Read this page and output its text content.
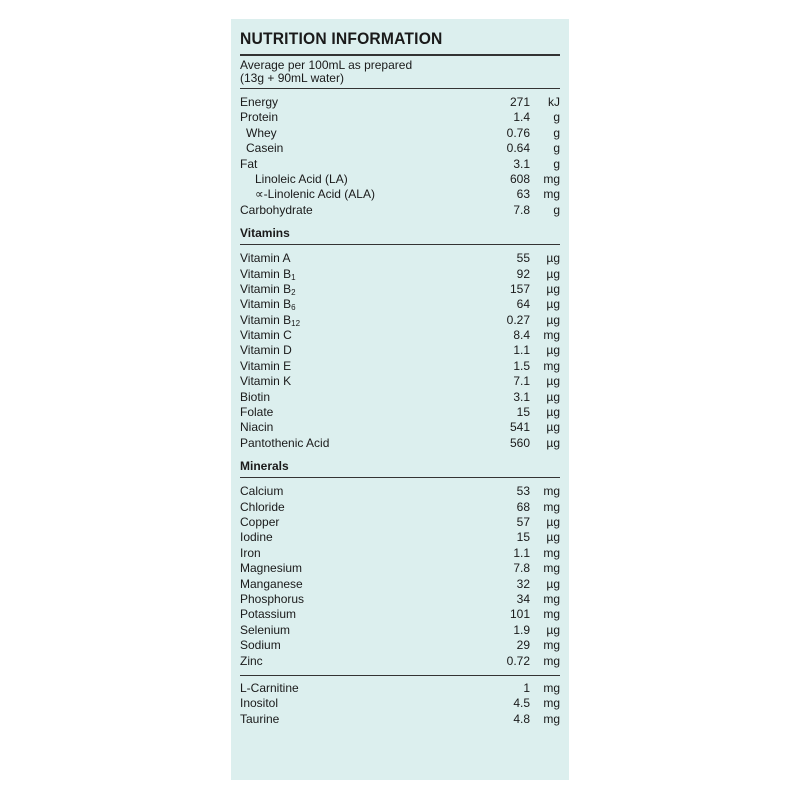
NUTRITION INFORMATION
Average per 100mL as prepared
(13g + 90mL water)
Energy	271	kJ
Protein	1.4	g
Whey	0.76	g
Casein	0.64	g
Fat	3.1	g
Linoleic Acid (LA)	608	mg
∝-Linolenic Acid (ALA)	63	mg
Carbohydrate	7.8	g
Vitamins
Vitamin A	55	µg
Vitamin $B_1$	92	µg
Vitamin $B_2$	157	µg
Vitamin $B_6$	64	µg
Vitamin $B_{12}$	0.27	µg
Vitamin C	8.4	mg
Vitamin D	1.1	µg
Vitamin E	1.5	mg
Vitamin K	7.1	µg
Biotin	3.1	µg
Folate	15	µg
Niacin	541	µg
Pantothenic Acid	560	µg
Minerals
Calcium	53	mg
Chloride	68	mg
Copper	57	µg
Iodine	15	µg
Iron	1.1	mg
Magnesium	7.8	mg
Manganese	32	µg
Phosphorus	34	mg
Potassium	101	mg
Selenium	1.9	µg
Sodium	29	mg
Zinc	0.72	mg
L-Carnitine	1	mg
Inositol	4.5	mg
Taurine	4.8	mg
